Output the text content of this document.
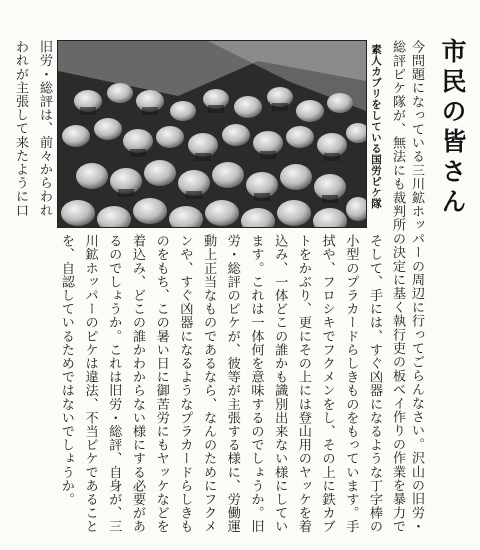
市民の皆さん
今問題になっている三川鉱ホッパーの周辺に行ってごらんなさい。沢山の旧労・総評ピケ隊が、無法にも裁判所の決定に基く執行吏の板べイ作りの作業を暴力で
素人カブリをしている国労ピケ隊
そして、手には、すぐ凶器になるような丁字棒の小型のプラカードらしきものをもっています。手拭や、フロシキでフクメンをし、その上に鉄カブトをかぶり、更にその上には登山用のヤッケを着込み、一体どこの誰かも識別出来ない様にしています。これは一体何を意味するのでしょうか。旧労・総評のピケが、彼等が主張する様に、労働運動上正当なものであるなら、なんのためにフクメンや、すぐ凶器になるようなプラカードらしきものをもち、この暑い日に御苦労にもヤッケなどを着込み、どこの誰かわからない様にする必要があるのでしょうか。これは旧労・総評、自身が、三川鉱ホッパーのピケは違法、不当ピケであることを、自認しているためではないでしょうか。
旧労・総評は、前々からわれわれが主張して来たように口
